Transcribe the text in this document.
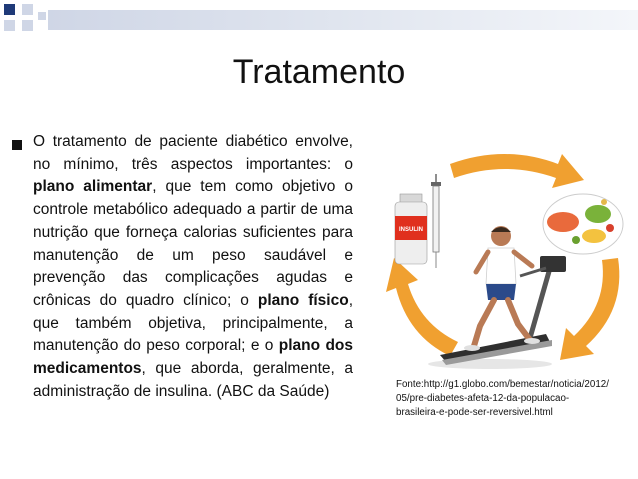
Tratamento
O tratamento de paciente diabético envolve, no mínimo, três aspectos importantes: o plano alimentar, que tem como objetivo o controle metabólico adequado a partir de uma nutrição que forneça calorias suficientes para manutenção de um peso saudável e prevenção das complicações agudas e crônicas do quadro clínico; o plano físico, que também objetiva, principalmente, a manutenção do peso corporal; e o plano dos medicamentos, que aborda, geralmente, a administração de insulina. (ABC da Saúde)
INSULIN
Fonte:http://g1.globo.com/bemestar/noticia/2012/
05/pre-diabetes-afeta-12-da-populacao-
brasileira-e-pode-ser-reversivel.html
